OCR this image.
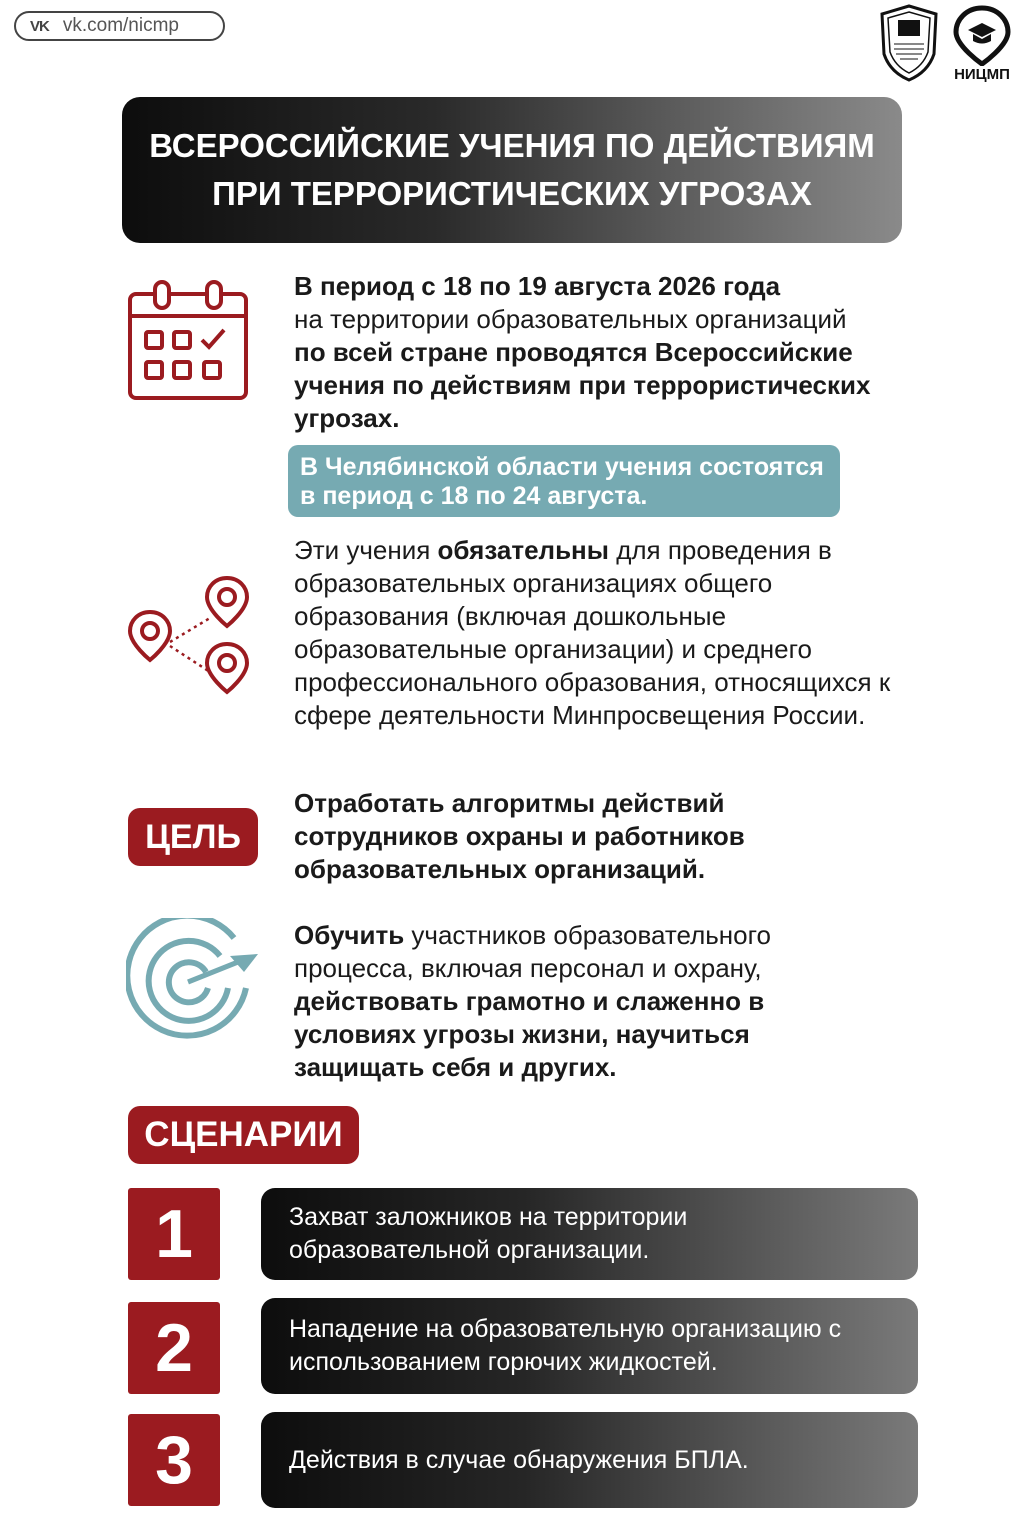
VK vk.com/nicmp
НИЦМП
ВСЕРОССИЙСКИЕ УЧЕНИЯ ПО ДЕЙСТВИЯМ
ПРИ ТЕРРОРИСТИЧЕСКИХ УГРОЗАХ
В период с 18 по 19 августа 2026 года
на территории образовательных организаций
по всей стране проводятся Всероссийские учения по действиям при террористических угрозах.
В Челябинской области учения состоятся в период с 18 по 24 августа.
Эти учения обязательны для проведения в образовательных организациях общего образования (включая дошкольные образовательные организации) и среднего профессионального образования, относящихся к сфере деятельности Минпросвещения России.
ЦЕЛЬ
Отработать алгоритмы действий сотрудников охраны и работников образовательных организаций.
Обучить участников образовательного процесса, включая персонал и охрану,
действовать грамотно и слаженно в условиях угрозы жизни, научиться защищать себя и других.
СЦЕНАРИИ
1	Захват заложников на территории образовательной организации.
2	Нападение на образовательную организацию с использованием горючих жидкостей.
3	Действия в случае обнаружения БПЛА.
